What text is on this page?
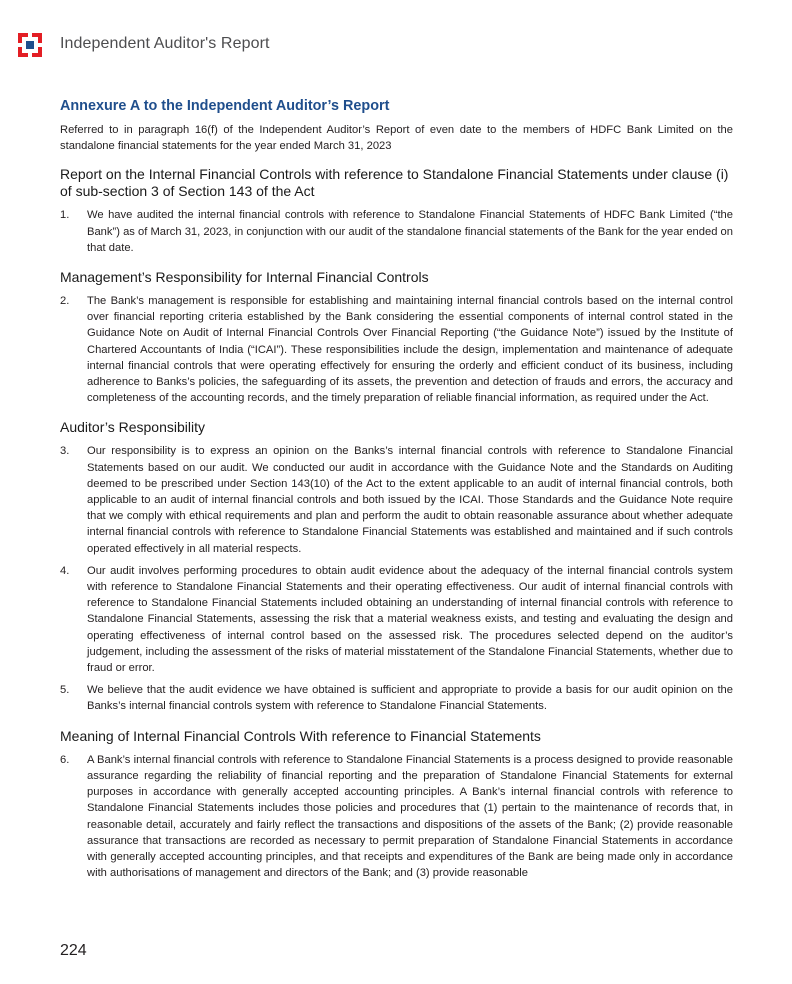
Independent Auditor's Report
Annexure A to the Independent Auditor’s Report

Referred to in paragraph 16(f) of the Independent Auditor’s Report of even date to the members of HDFC Bank Limited on the standalone financial statements for the year ended March 31, 2023

Report on the Internal Financial Controls with reference to Standalone Financial Statements under clause (i) of sub-section 3 of Section 143 of the Act
1.	We have audited the internal financial controls with reference to Standalone Financial Statements of HDFC Bank Limited (“the Bank”) as of March 31, 2023, in conjunction with our audit of the standalone financial statements of the Bank for the year ended on that date.
Management’s Responsibility for Internal Financial Controls
2.	The Bank’s management is responsible for establishing and maintaining internal financial controls based on the internal control over financial reporting criteria established by the Bank considering the essential components of internal control stated in the Guidance Note on Audit of Internal Financial Controls Over Financial Reporting (“the Guidance Note”) issued by the Institute of Chartered Accountants of India (“ICAI”). These responsibilities include the design, implementation and maintenance of adequate internal financial controls that were operating effectively for ensuring the orderly and efficient conduct of its business, including adherence to Banks’s policies, the safeguarding of its assets, the prevention and detection of frauds and errors, the accuracy and completeness of the accounting records, and the timely preparation of reliable financial information, as required under the Act.
Auditor’s Responsibility
3.	Our responsibility is to express an opinion on the Banks’s internal financial controls with reference to Standalone Financial Statements based on our audit. We conducted our audit in accordance with the Guidance Note and the Standards on Auditing deemed to be prescribed under Section 143(10) of the Act to the extent applicable to an audit of internal financial controls, both applicable to an audit of internal financial controls and both issued by the ICAI. Those Standards and the Guidance Note require that we comply with ethical requirements and plan and perform the audit to obtain reasonable assurance about whether adequate internal financial controls with reference to Standalone Financial Statements was established and maintained and if such controls operated effectively in all material respects.
4.	Our audit involves performing procedures to obtain audit evidence about the adequacy of the internal financial controls system with reference to Standalone Financial Statements and their operating effectiveness. Our audit of internal financial controls with reference to Standalone Financial Statements included obtaining an understanding of internal financial controls with reference to Standalone Financial Statements, assessing the risk that a material weakness exists, and testing and evaluating the design and operating effectiveness of internal control based on the assessed risk. The procedures selected depend on the auditor’s judgement, including the assessment of the risks of material misstatement of the Standalone Financial Statements, whether due to fraud or error.
5.	We believe that the audit evidence we have obtained is sufficient and appropriate to provide a basis for our audit opinion on the Banks’s internal financial controls system with reference to Standalone Financial Statements.
Meaning of Internal Financial Controls With reference to Financial Statements
6.	A Bank’s internal financial controls with reference to Standalone Financial Statements is a process designed to provide reasonable assurance regarding the reliability of financial reporting and the preparation of Standalone Financial Statements for external purposes in accordance with generally accepted accounting principles. A Bank’s internal financial controls with reference to Standalone Financial Statements includes those policies and procedures that (1) pertain to the maintenance of records that, in reasonable detail, accurately and fairly reflect the transactions and dispositions of the assets of the Bank; (2) provide reasonable assurance that transactions are recorded as necessary to permit preparation of Standalone Financial Statements in accordance with generally accepted accounting principles, and that receipts and expenditures of the Bank are being made only in accordance with authorisations of management and directors of the Bank; and (3) provide reasonable
224
